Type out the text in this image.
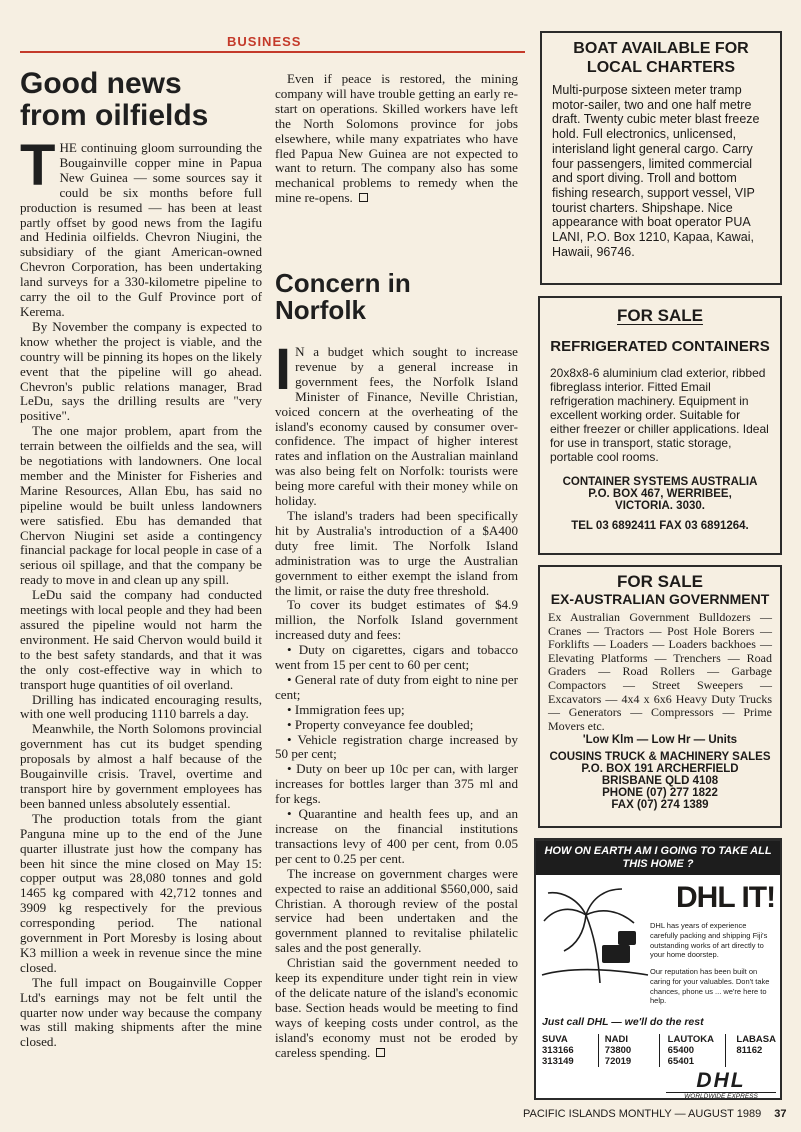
BUSINESS
Good news
from oilfields

THE continuing gloom surrounding the Bougainville copper mine in Papua New Guinea — some sources say it could be six months before full production is resumed — has been at least partly offset by good news from the Iagifu and Hedinia oilfields. Chevron Niugini, the subsidiary of the giant American-owned Chevron Corporation, has been undertaking land surveys for a 330-kilometre pipeline to carry the oil to the Gulf Province port of Kerema.

By November the company is expected to know whether the project is viable, and the country will be pinning its hopes on the likely event that the pipeline will go ahead. Chevron's public relations manager, Brad LeDu, says the drilling results are "very positive".

The one major problem, apart from the terrain between the oilfields and the sea, will be negotiations with landowners. One local member and the Minister for Fisheries and Marine Resources, Allan Ebu, has said no pipeline would be built unless landowners were satisfied. Ebu has demanded that Chervon Niugini set aside a contingency financial package for local people in case of a serious oil spillage, and that the company be ready to move in and clean up any spill.

LeDu said the company had conducted meetings with local people and they had been assured the pipeline would not harm the environment. He said Chervon would build it to the best safety standards, and that it was the only cost-effective way in which to transport huge quantities of oil overland.

Drilling has indicated encouraging results, with one well producing 1110 barrels a day.

Meanwhile, the North Solomons provincial government has cut its budget spending proposals by almost a half because of the Bougainville crisis. Travel, overtime and transport hire by government employees has been banned unless absolutely essential.

The production totals from the giant Panguna mine up to the end of the June quarter illustrate just how the company has been hit since the mine closed on May 15: copper output was 28,080 tonnes and gold 1465 kg compared with 42,712 tonnes and 3909 kg respectively for the previous corresponding period. The national government in Port Moresby is losing about K3 million a week in revenue since the mine closed.

The full impact on Bougainville Copper Ltd's earnings may not be felt until the quarter now under way because the company was still making shipments after the mine closed.

Even if peace is restored, the mining company will have trouble getting an early re-start on operations. Skilled workers have left the North Solomons province for jobs elsewhere, while many expatriates who have fled Papua New Guinea are not expected to want to return. The company also has some mechanical problems to remedy when the mine re-opens.

Concern in
Norfolk

I N a budget which sought to increase revenue by a general increase in government fees, the Norfolk Island Minister of Finance, Neville Christian, voiced concern at the overheating of the island's economy caused by consumer over-confidence. The impact of higher interest rates and inflation on the Australian mainland was also being felt on Norfolk: tourists were being more careful with their money while on holiday.

The island's traders had been specifically hit by Australia's introduction of a $A400 duty free limit. The Norfolk Island administration was to urge the Australian government to either exempt the island from the limit, or raise the duty free threshold.

To cover its budget estimates of $4.9 million, the Norfolk Island government increased duty and fees:

• Duty on cigarettes, cigars and tobacco went from 15 per cent to 60 per cent;

• General rate of duty from eight to nine per cent;

• Immigration fees up;

• Property conveyance fee doubled;

• Vehicle registration charge increased by 50 per cent;

• Duty on beer up 10c per can, with larger increases for bottles larger than 375 ml and for kegs.

• Quarantine and health fees up, and an increase on the financial institutions transactions levy of 400 per cent, from 0.05 per cent to 0.25 per cent.

The increase on government charges were expected to raise an additional $560,000, said Christian. A thorough review of the postal service had been undertaken and the government planned to revitalise philatelic sales and the post generally.

Christian said the government needed to keep its expenditure under tight rein in view of the delicate nature of the island's economic base. Section heads would be meeting to find ways of keeping costs under control, as the island's economy must not be eroded by careless spending.

BOAT AVAILABLE FOR LOCAL CHARTERS
Multi-purpose sixteen meter tramp motor-sailer, two and one half metre draft. Twenty cubic meter blast freeze hold. Full electronics, unlicensed, interisland light general cargo. Carry four passengers, limited commercial and sport diving. Troll and bottom fishing research, support vessel, VIP tourist charters. Shipshape. Nice appearance with boat operator PUA LANI, P.O. Box 1210, Kapaa, Kawai, Hawaii, 96746.
FOR SALE
REFRIGERATED CONTAINERS
20x8x8-6 aluminium clad exterior, ribbed fibreglass interior. Fitted Email refrigeration machinery. Equipment in excellent working order. Suitable for either freezer or chiller applications. Ideal for use in transport, static storage, portable cool rooms.
CONTAINER SYSTEMS AUSTRALIA
P.O. BOX 467, WERRIBEE,
VICTORIA. 3030.
TEL 03 6892411 FAX 03 6891264.
FOR SALE
EX-AUSTRALIAN GOVERNMENT
Ex Australian Government Bulldozers — Cranes — Tractors — Post Hole Borers — Forklifts — Loaders — Loaders backhoes — Elevating Platforms — Trenchers — Road Graders — Road Rollers — Garbage Compactors — Street Sweepers — Excavators — 4x4 x 6x6 Heavy Duty Trucks — Generators — Compressors — Prime Movers etc.
'Low Klm — Low Hr — Units
COUSINS TRUCK & MACHINERY SALES
P.O. BOX 191 ARCHERFIELD
BRISBANE QLD 4108
PHONE (07) 277 1822
FAX (07) 274 1389
HOW ON EARTH AM I GOING TO TAKE ALL THIS HOME ?
DHL IT!
DHL has years of experience carefully packing and shipping Fiji's outstanding works of art directly to your home doorstep.
Our reputation has been built on caring for your valuables. Don't take chances, phone us ... we're here to help.
Just call DHL — we'll do the rest
SUVA
313166
313149
NADI
73800
72019
LAUTOKA
65400
65401
LABASA
81162
DHL
WORLDWIDE EXPRESS
PACIFIC ISLANDS MONTHLY — AUGUST 1989 37
